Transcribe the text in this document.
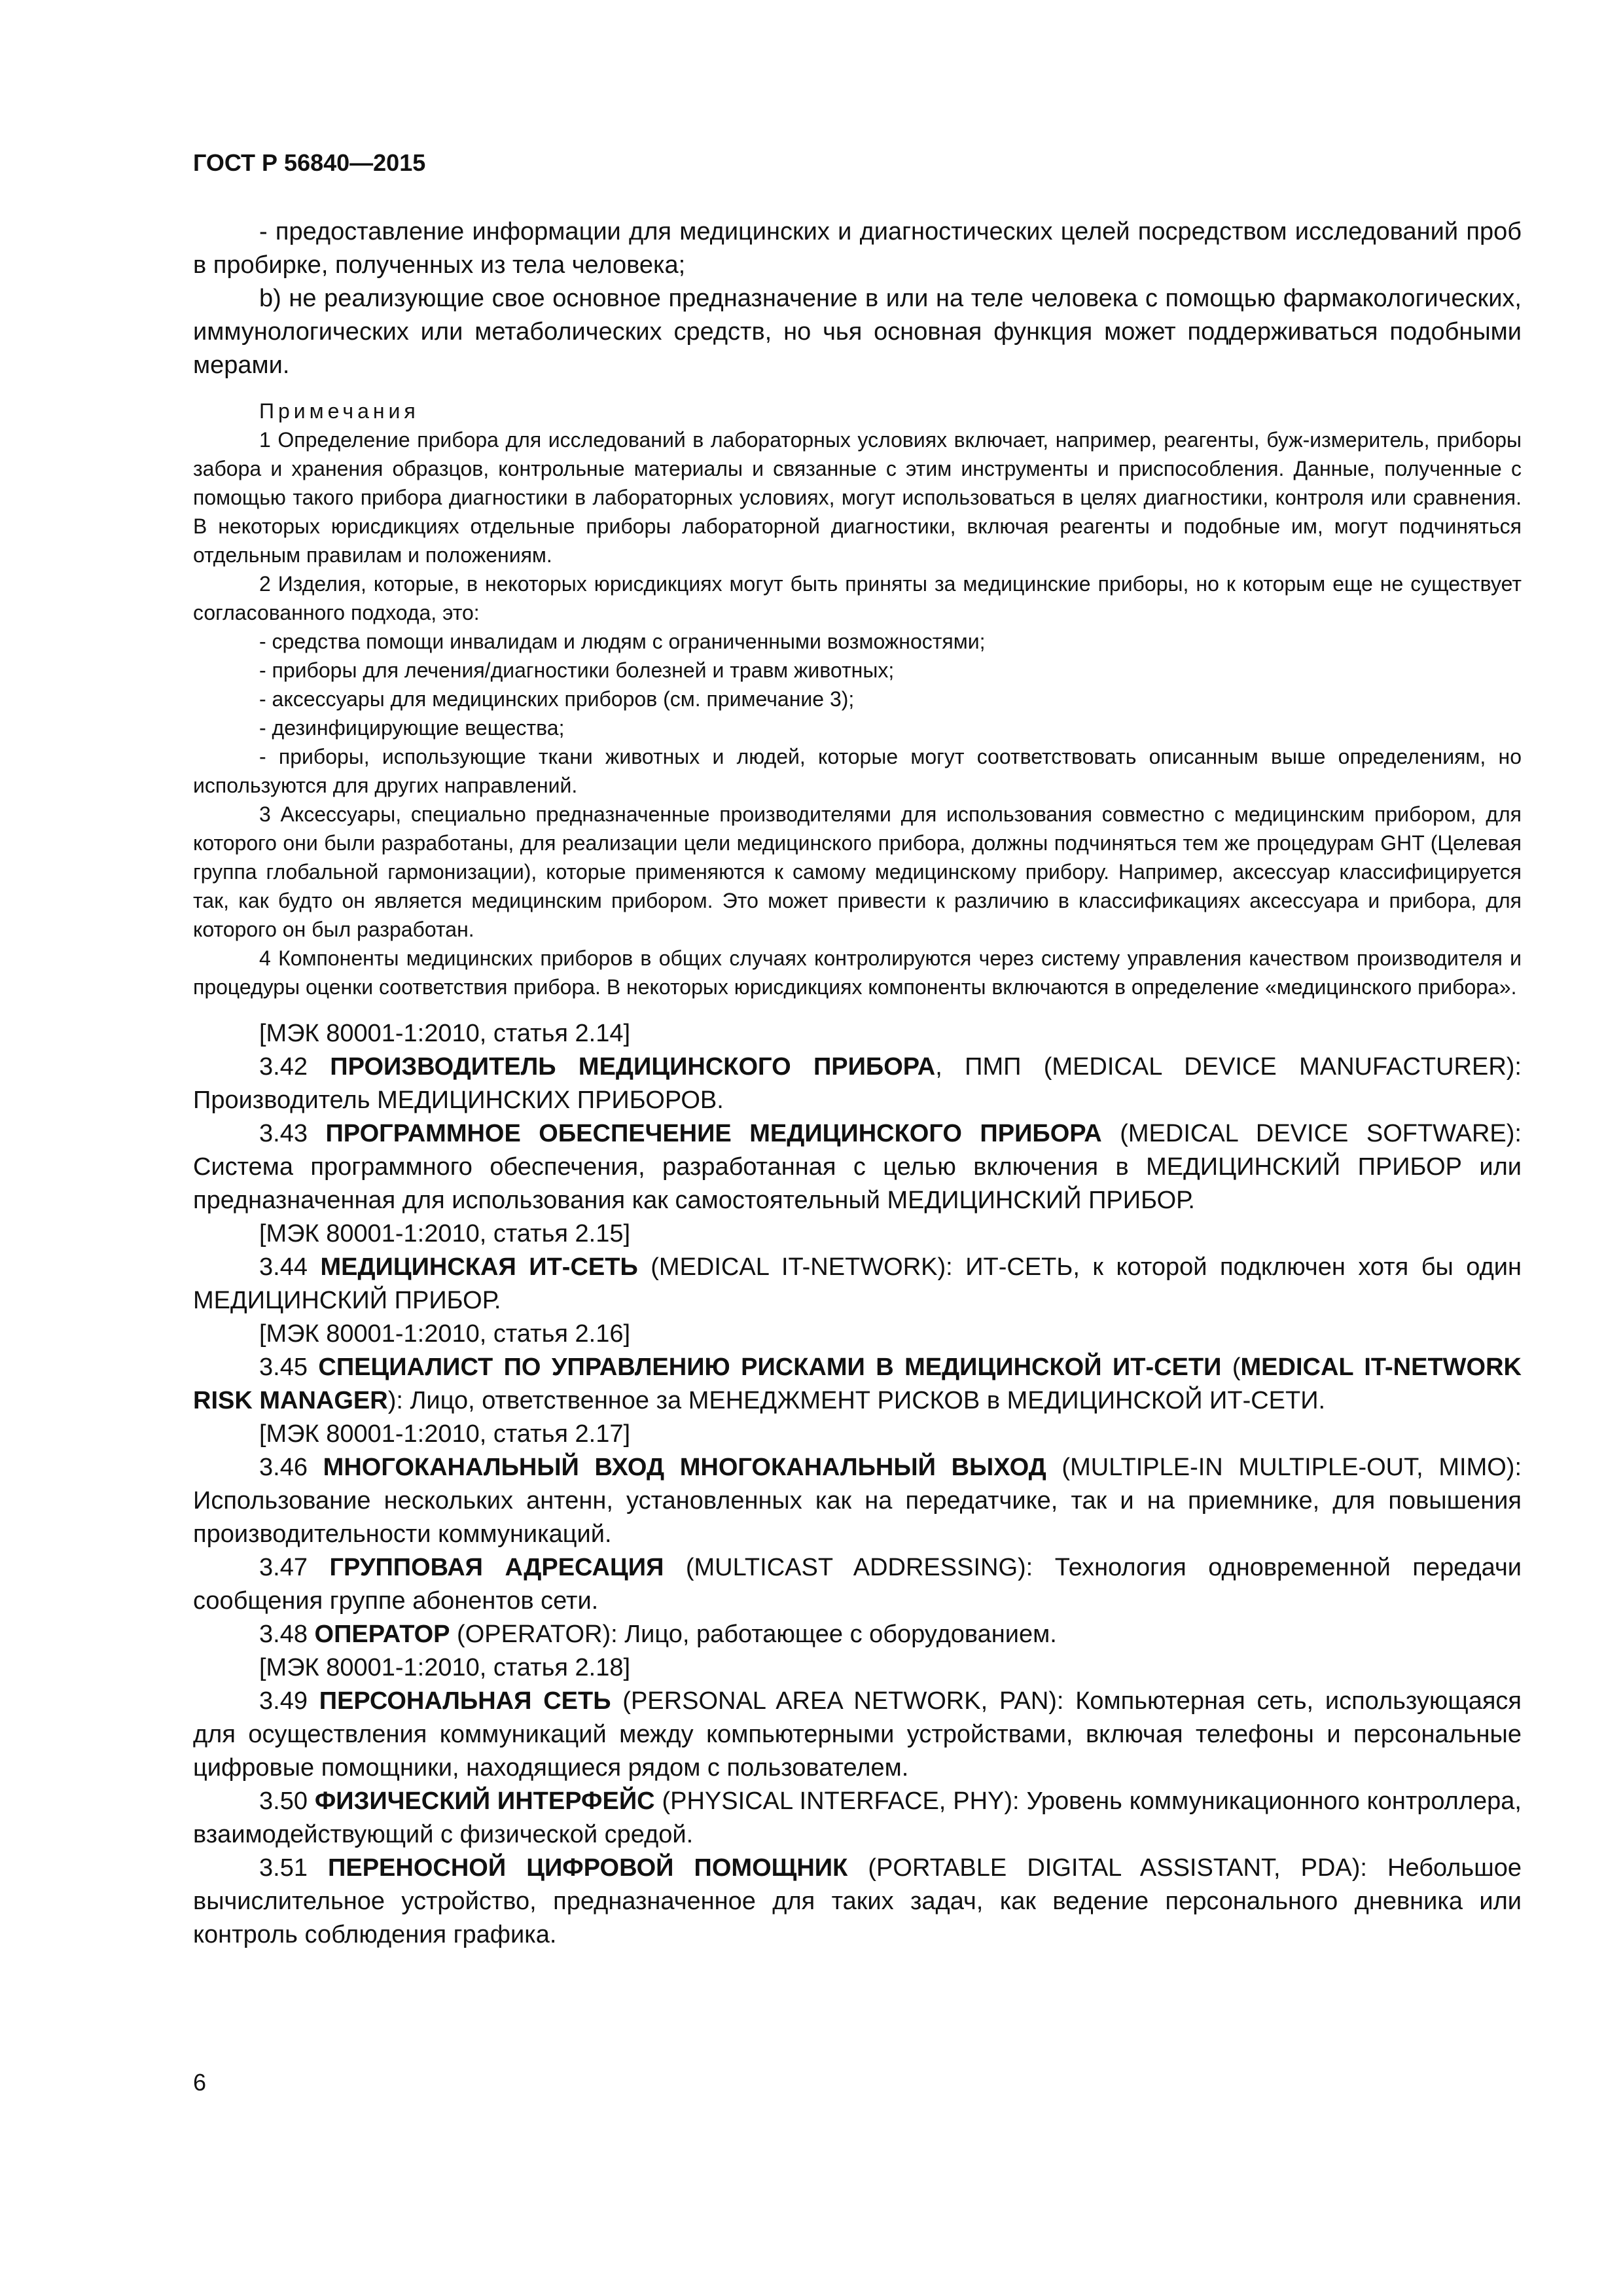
ГОСТ Р 56840—2015

- предоставление информации для медицинских и диагностических целей посредством исследований проб в пробирке, полученных из тела человека;

b) не реализующие свое основное предназначение в или на теле человека с помощью фармакологических, иммунологических или метаболических средств, но чья основная функция может поддерживаться подобными мерами.

Примечания

1 Определение прибора для исследований в лабораторных условиях включает, например, реагенты, буж-измеритель, приборы забора и хранения образцов, контрольные материалы и связанные с этим инструменты и приспособления. Данные, полученные с помощью такого прибора диагностики в лабораторных условиях, могут использоваться в целях диагностики, контроля или сравнения. В некоторых юрисдикциях отдельные приборы лабораторной диагностики, включая реагенты и подобные им, могут подчиняться отдельным правилам и положениям.

2 Изделия, которые, в некоторых юрисдикциях могут быть приняты за медицинские приборы, но к которым еще не существует согласованного подхода, это:

- средства помощи инвалидам и людям с ограниченными возможностями;

- приборы для лечения/диагностики болезней и травм животных;

- аксессуары для медицинских приборов (см. примечание 3);

- дезинфицирующие вещества;

- приборы, использующие ткани животных и людей, которые могут соответствовать описанным выше определениям, но используются для других направлений.

3 Аксессуары, специально предназначенные производителями для использования совместно с медицинским прибором, для которого они были разработаны, для реализации цели медицинского прибора, должны подчиняться тем же процедурам GHT (Целевая группа глобальной гармонизации), которые применяются к самому медицинскому прибору. Например, аксессуар классифицируется так, как будто он является медицинским прибором. Это может привести к различию в классификациях аксессуара и прибора, для которого он был разработан.

4 Компоненты медицинских приборов в общих случаях контролируются через систему управления качеством производителя и процедуры оценки соответствия прибора. В некоторых юрисдикциях компоненты включаются в определение «медицинского прибора».

[МЭК 80001-1:2010, статья 2.14]

3.42 ПРОИЗВОДИТЕЛЬ МЕДИЦИНСКОГО ПРИБОРА, ПМП (MEDICAL DEVICE MANUFACTURER): Производитель МЕДИЦИНСКИХ ПРИБОРОВ.

3.43 ПРОГРАММНОЕ ОБЕСПЕЧЕНИЕ МЕДИЦИНСКОГО ПРИБОРА (MEDICAL DEVICE SOFTWARE): Система программного обеспечения, разработанная с целью включения в МЕДИЦИНСКИЙ ПРИБОР или предназначенная для использования как самостоятельный МЕДИЦИНСКИЙ ПРИБОР.

[МЭК 80001-1:2010, статья 2.15]

3.44 МЕДИЦИНСКАЯ ИТ-СЕТЬ (MEDICAL IT-NETWORK): ИТ-СЕТЬ, к которой подключен хотя бы один МЕДИЦИНСКИЙ ПРИБОР.

[МЭК 80001-1:2010, статья 2.16]

3.45 СПЕЦИАЛИСТ ПО УПРАВЛЕНИЮ РИСКАМИ В МЕДИЦИНСКОЙ ИТ-СЕТИ (MEDICAL IT-NETWORK RISK MANAGER): Лицо, ответственное за МЕНЕДЖМЕНТ РИСКОВ в МЕДИЦИНСКОЙ ИТ-СЕТИ.

[МЭК 80001-1:2010, статья 2.17]

3.46 МНОГОКАНАЛЬНЫЙ ВХОД МНОГОКАНАЛЬНЫЙ ВЫХОД (MULTIPLE-IN MULTIPLE-OUT, MIMO): Использование нескольких антенн, установленных как на передатчике, так и на приемнике, для повышения производительности коммуникаций.

3.47 ГРУППОВАЯ АДРЕСАЦИЯ (MULTICAST ADDRESSING): Технология одновременной передачи сообщения группе абонентов сети.

3.48 ОПЕРАТОР (OPERATOR): Лицо, работающее с оборудованием.

[МЭК 80001-1:2010, статья 2.18]

3.49 ПЕРСОНАЛЬНАЯ СЕТЬ (PERSONAL AREA NETWORK, PAN): Компьютерная сеть, использующаяся для осуществления коммуникаций между компьютерными устройствами, включая телефоны и персональные цифровые помощники, находящиеся рядом с пользователем.

3.50 ФИЗИЧЕСКИЙ ИНТЕРФЕЙС (PHYSICAL INTERFACE, PHY): Уровень коммуникационного контроллера, взаимодействующий с физической средой.

3.51 ПЕРЕНОСНОЙ ЦИФРОВОЙ ПОМОЩНИК (PORTABLE DIGITAL ASSISTANT, PDA): Небольшое вычислительное устройство, предназначенное для таких задач, как ведение персонального дневника или контроль соблюдения графика.

6
